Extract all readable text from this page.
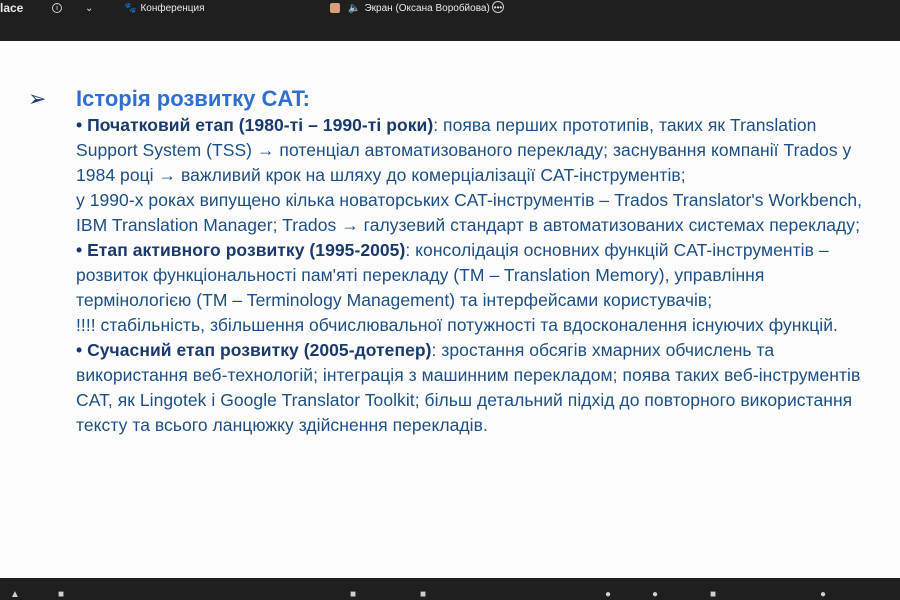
lace	i	⌄	🐾 Конференция	🔈 Экран (Оксана Воробйова) •••
➢ Історія розвитку CAT:

• Початковий етап (1980-ті – 1990-ті роки): поява перших прототипів, таких як Translation Support System (TSS) → потенціал автоматизованого перекладу; заснування компанії Trados у 1984 році → важливий крок на шляху до комерціалізації CAT-інструментів;

у 1990-х роках випущено кілька новаторських CAT-інструментів – Trados Translator's Workbench, IBM Translation Manager; Trados → галузевий стандарт в автоматизованих системах перекладу;

• Етап активного розвитку (1995-2005): консолідація основних функцій CAT-інструментів – розвиток функціональності пам'яті перекладу (TM – Translation Memory), управління термінологією (TM – Terminology Management) та інтерфейсами користувачів;

!!!! стабільність, збільшення обчислювальної потужності та вдосконалення існуючих функцій.

• Сучасний етап розвитку (2005-дотепер): зростання обсягів хмарних обчислень та використання веб-технологій; інтеграція з машинним перекладом; поява таких веб-інструментів CAT, як Lingotek і Google Translator Toolkit; більш детальний підхід до повторного використання тексту та всього ланцюжку здійснення перекладів.

▲	■	■	■	●	●	■	●
